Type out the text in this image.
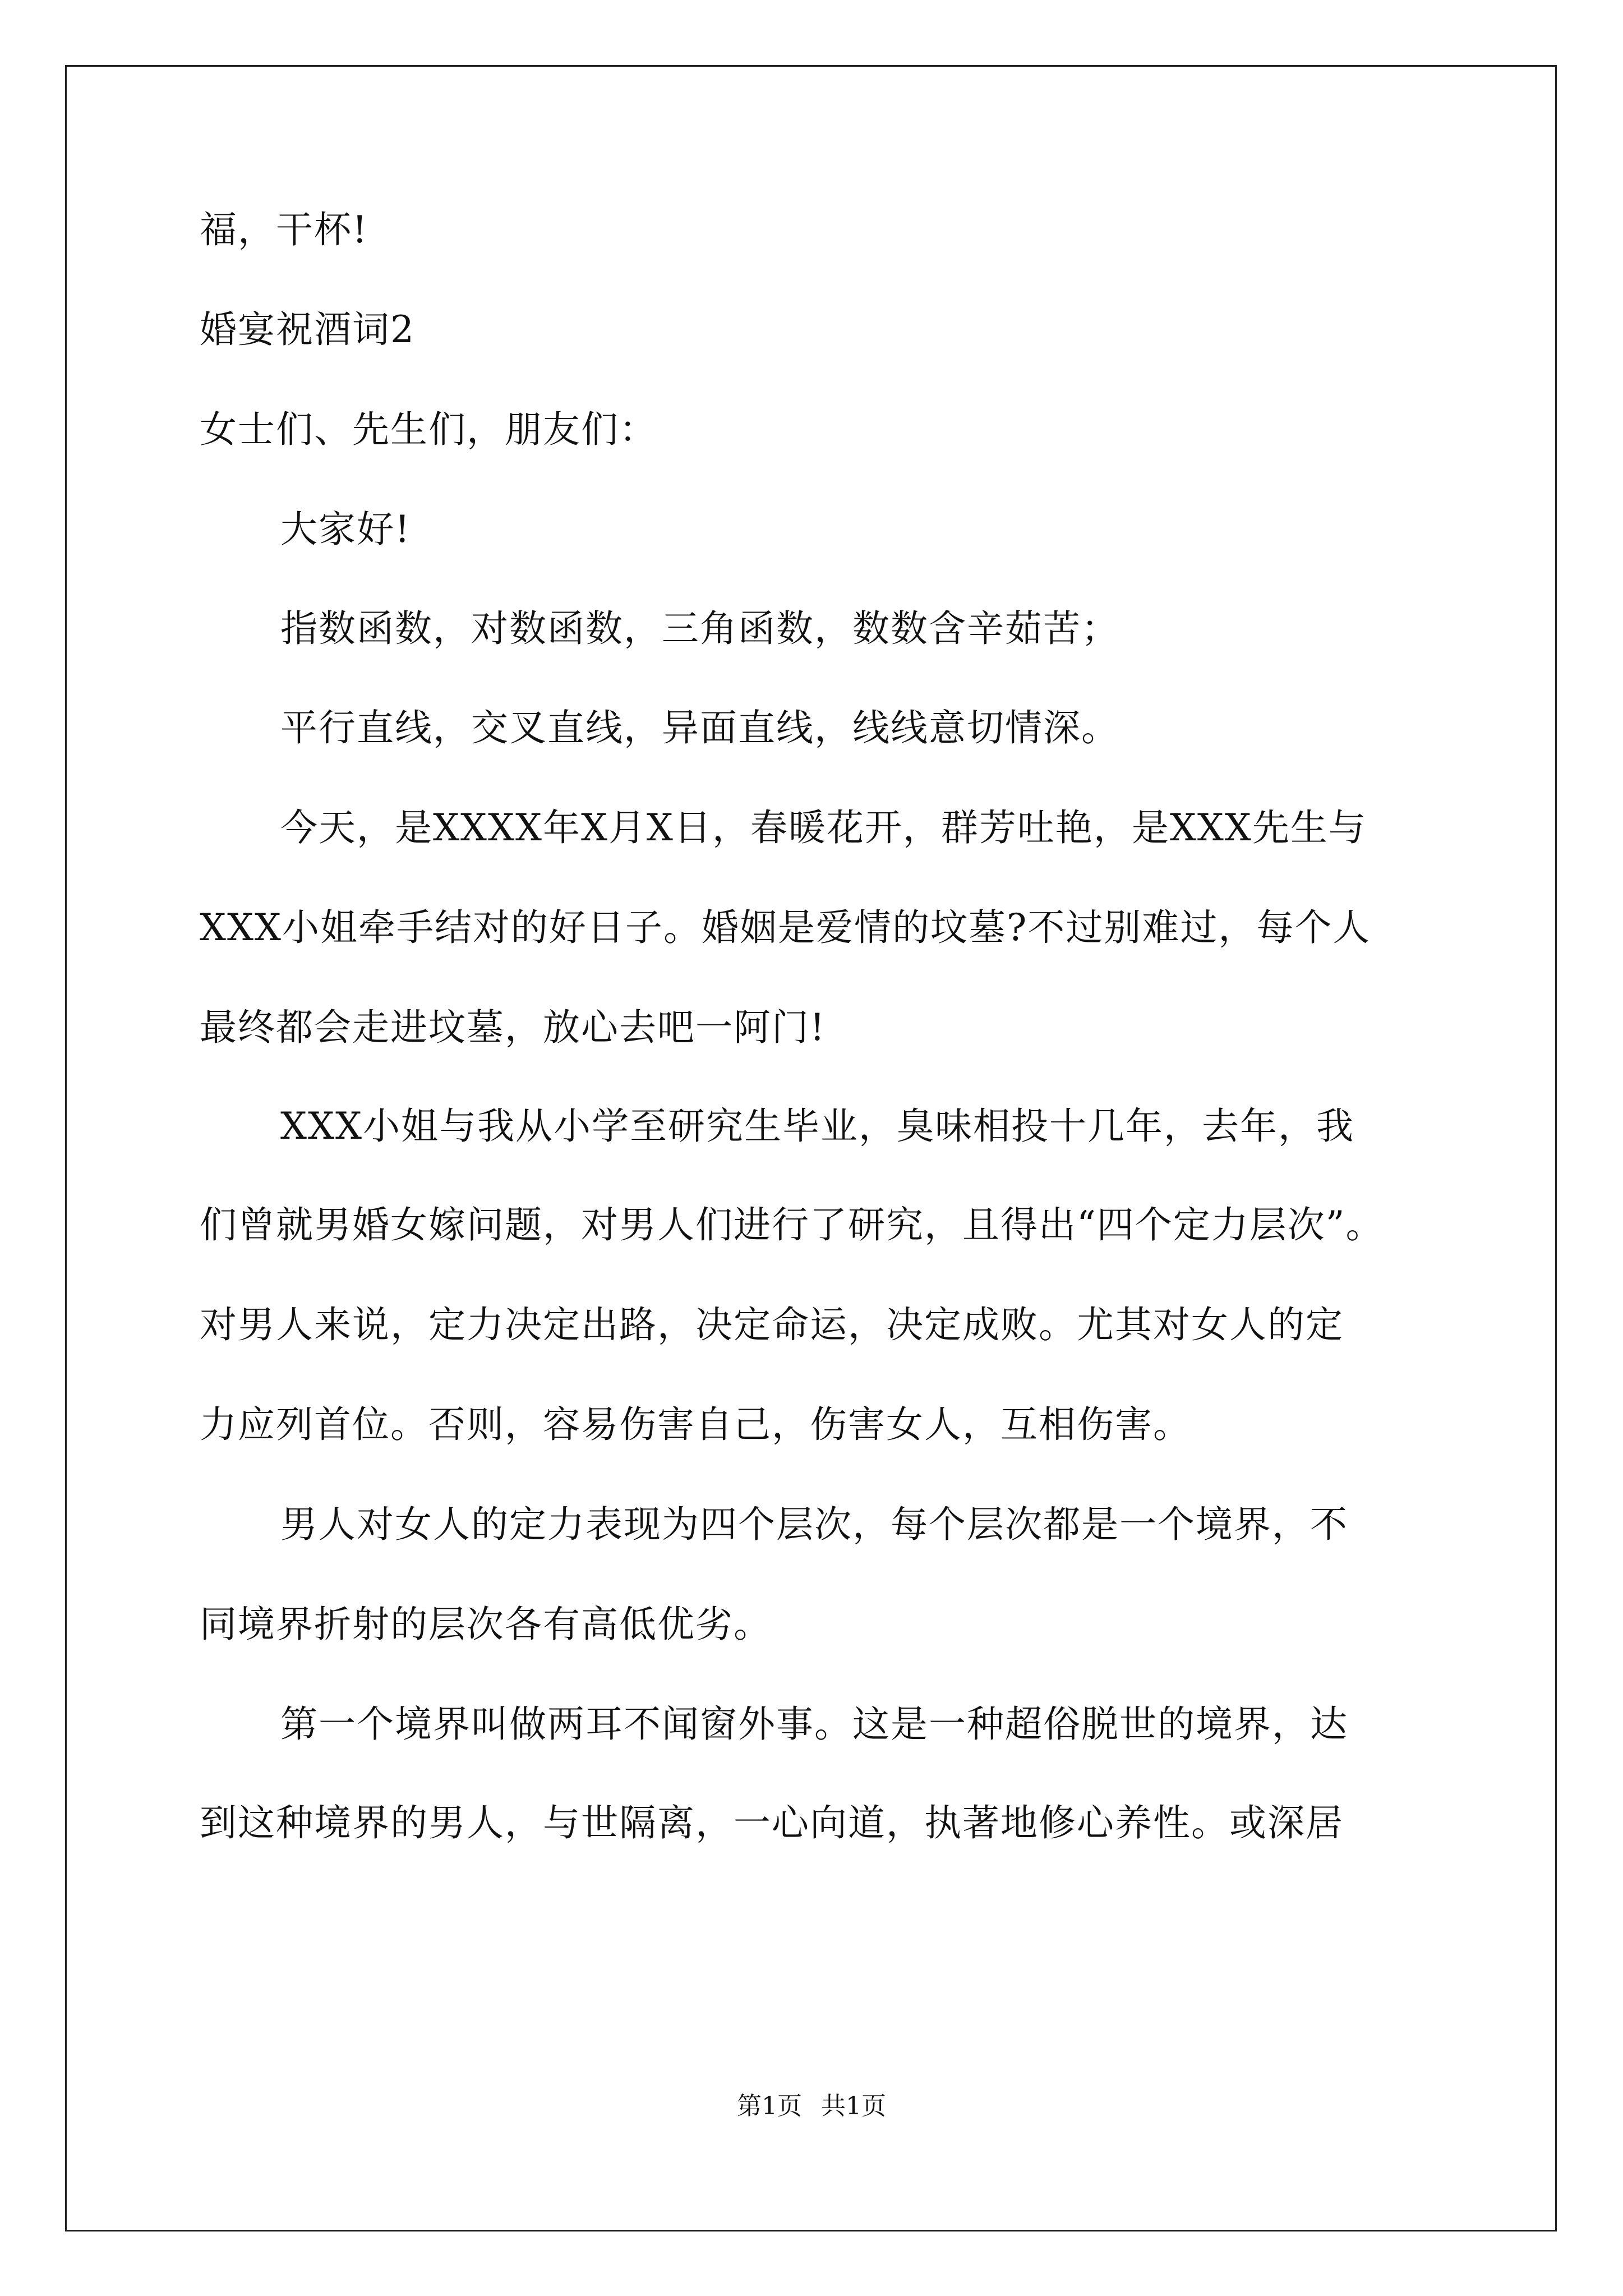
福，干杯!
婚宴祝酒词2
女士们、先生们，朋友们：
大家好!
指数函数，对数函数，三角函数，数数含辛茹苦；
平行直线，交叉直线，异面直线，线线意切情深。
今天，是XXXX年X月X日，春暖花开，群芳吐艳，是XXX先生与
XXX小姐牵手结对的好日子。婚姻是爱情的坟墓?不过别难过，每个人
最终都会走进坟墓，放心去吧一阿门!
XXX小姐与我从小学至研究生毕业，臭味相投十几年，去年，我
们曾就男婚女嫁问题，对男人们进行了研究，且得出“四个定力层次”。
对男人来说，定力决定出路，决定命运，决定成败。尤其对女人的定
力应列首位。否则，容易伤害自己，伤害女人，互相伤害。
男人对女人的定力表现为四个层次，每个层次都是一个境界，不
同境界折射的层次各有高低优劣。
第一个境界叫做两耳不闻窗外事。这是一种超俗脱世的境界，达
到这种境界的男人，与世隔离，一心向道，执著地修心养性。或深居
第1页 共1页
